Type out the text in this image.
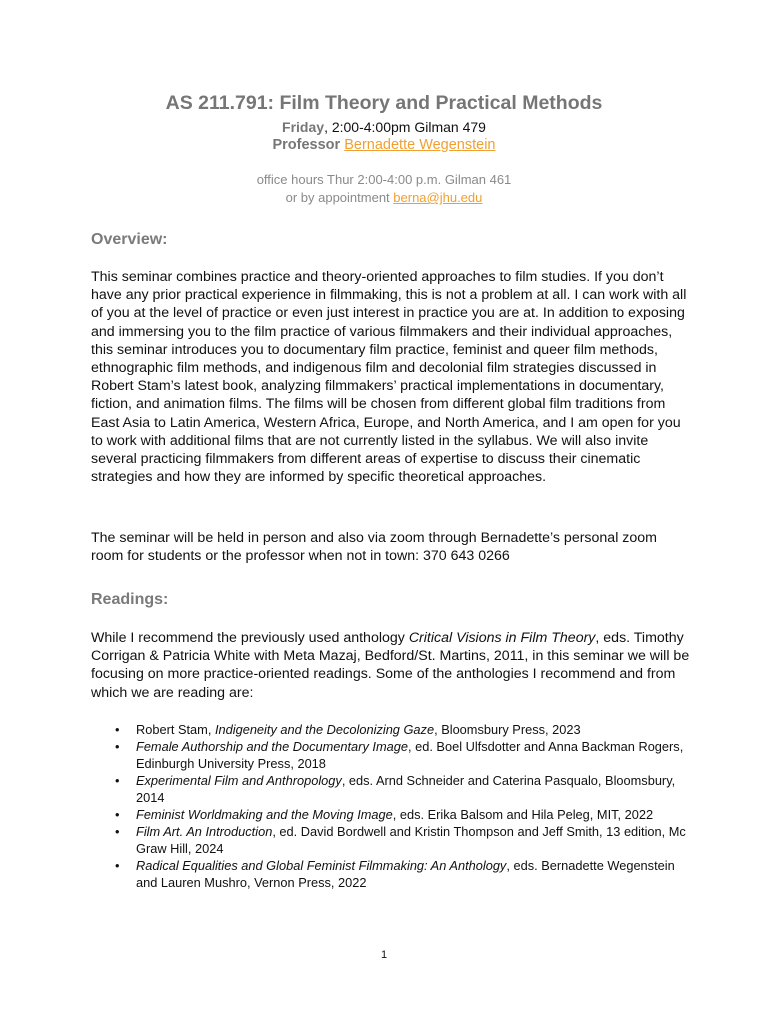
AS 211.791: Film Theory and Practical Methods
Friday, 2:00-4:00pm Gilman 479
Professor Bernadette Wegenstein
office hours Thur 2:00-4:00 p.m. Gilman 461
or by appointment berna@jhu.edu
Overview:

This seminar combines practice and theory-oriented approaches to film studies. If you don’t have any prior practical experience in filmmaking, this is not a problem at all. I can work with all of you at the level of practice or even just interest in practice you are at. In addition to exposing and immersing you to the film practice of various filmmakers and their individual approaches, this seminar introduces you to documentary film practice, feminist and queer film methods, ethnographic film methods, and indigenous film and decolonial film strategies discussed in Robert Stam’s latest book, analyzing filmmakers’ practical implementations in documentary, fiction, and animation films. The films will be chosen from different global film traditions from East Asia to Latin America, Western Africa, Europe, and North America, and I am open for you to work with additional films that are not currently listed in the syllabus. We will also invite several practicing filmmakers from different areas of expertise to discuss their cinematic strategies and how they are informed by specific theoretical approaches.

The seminar will be held in person and also via zoom through Bernadette’s personal zoom room for students or the professor when not in town: 370 643 0266

Readings:

While I recommend the previously used anthology Critical Visions in Film Theory, eds. Timothy Corrigan & Patricia White with Meta Mazaj, Bedford/St. Martins, 2011, in this seminar we will be focusing on more practice-oriented readings. Some of the anthologies I recommend and from which we are reading are:

• Robert Stam, Indigeneity and the Decolonizing Gaze, Bloomsbury Press, 2023
• Female Authorship and the Documentary Image, ed. Boel Ulfsdotter and Anna Backman Rogers, Edinburgh University Press, 2018
• Experimental Film and Anthropology, eds. Arnd Schneider and Caterina Pasqualo, Bloomsbury, 2014
• Feminist Worldmaking and the Moving Image, eds. Erika Balsom and Hila Peleg, MIT, 2022
• Film Art. An Introduction, ed. David Bordwell and Kristin Thompson and Jeff Smith, 13 edition, Mc Graw Hill, 2024
• Radical Equalities and Global Feminist Filmmaking: An Anthology, eds. Bernadette Wegenstein and Lauren Mushro, Vernon Press, 2022
1
